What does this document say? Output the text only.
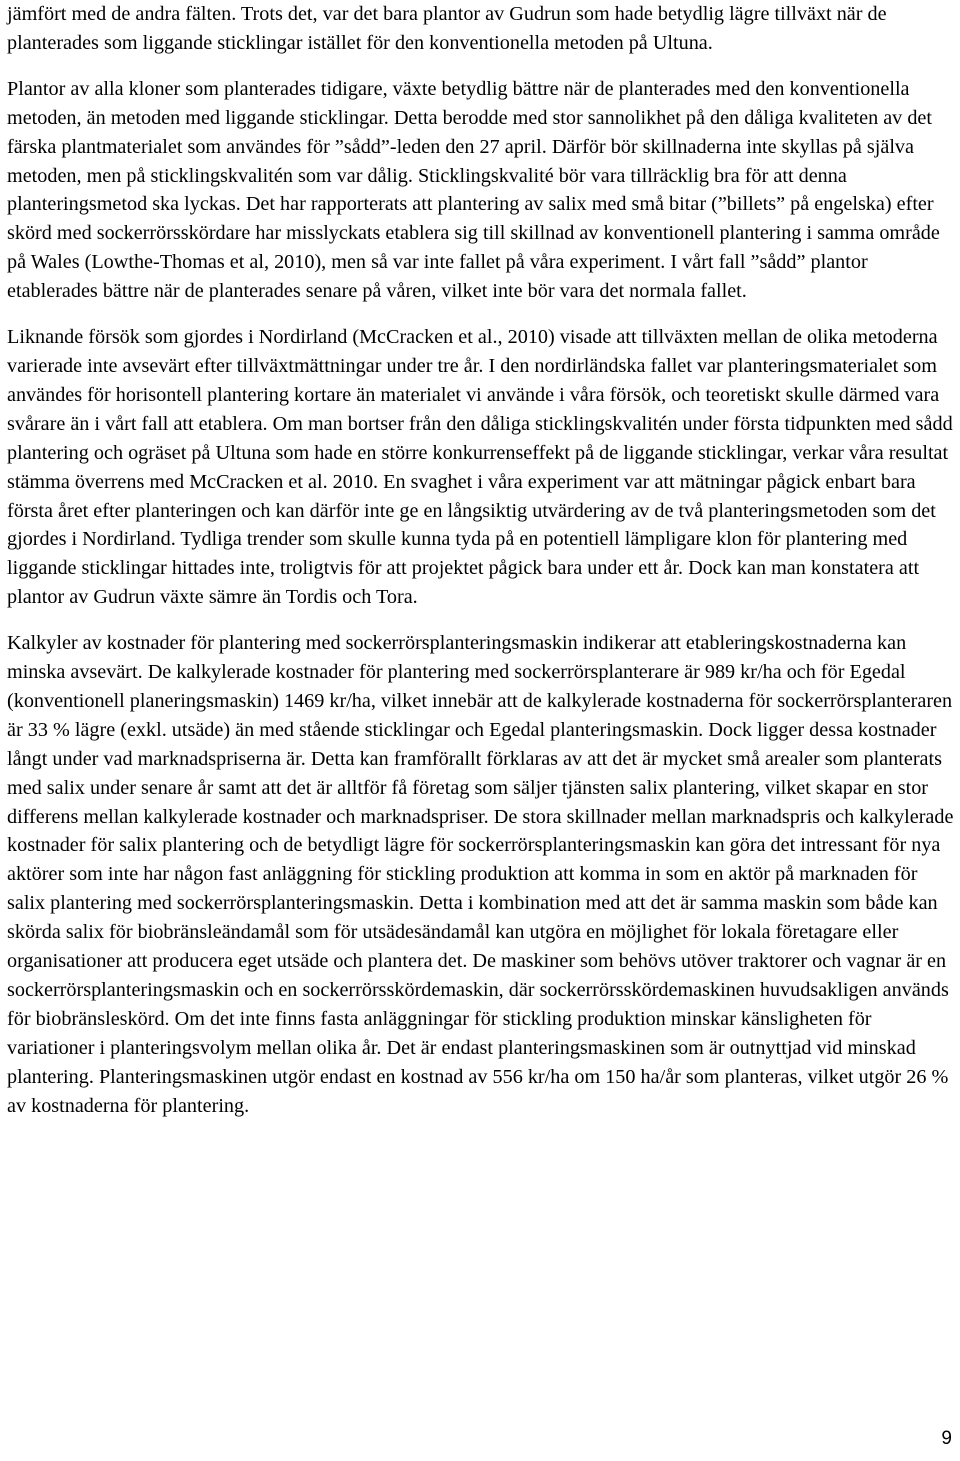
jämfört med de andra fälten. Trots det, var det bara plantor av Gudrun som hade betydlig lägre tillväxt när de planterades som liggande sticklingar istället för den konventionella metoden på Ultuna.

Plantor av alla kloner som planterades tidigare, växte betydlig bättre när de planterades med den konventionella metoden, än metoden med liggande sticklingar. Detta berodde med stor sannolikhet på den dåliga kvaliteten av det färska plantmaterialet som användes för ”sådd”-leden den 27 april. Därför bör skillnaderna inte skyllas på själva metoden, men på sticklingskvalitén som var dålig. Sticklingskvalité bör vara tillräcklig bra för att denna planteringsmetod ska lyckas. Det har rapporterats att plantering av salix med små bitar (”billets” på engelska) efter skörd med sockerrörsskördare har misslyckats etablera sig till skillnad av konventionell plantering i samma område på Wales (Lowthe-Thomas et al, 2010), men så var inte fallet på våra experiment. I vårt fall ”sådd” plantor etablerades bättre när de planterades senare på våren, vilket inte bör vara det normala fallet.

Liknande försök som gjordes i Nordirland (McCracken et al., 2010) visade att tillväxten mellan de olika metoderna varierade inte avsevärt efter tillväxtmättningar under tre år. I den nordirländska fallet var planteringsmaterialet som användes för horisontell plantering kortare än materialet vi använde i våra försök, och teoretiskt skulle därmed vara svårare än i vårt fall att etablera. Om man bortser från den dåliga sticklingskvalitén under första tidpunkten med sådd plantering och ogräset på Ultuna som hade en större konkurrenseffekt på de liggande sticklingar, verkar våra resultat stämma överrens med McCracken et al. 2010. En svaghet i våra experiment var att mätningar pågick enbart bara första året efter planteringen och kan därför inte ge en långsiktig utvärdering av de två planteringsmetoden som det gjordes i Nordirland. Tydliga trender som skulle kunna tyda på en potentiell lämpligare klon för plantering med liggande sticklingar hittades inte, troligtvis för att projektet pågick bara under ett år. Dock kan man konstatera att plantor av Gudrun växte sämre än Tordis och Tora.

Kalkyler av kostnader för plantering med sockerrörsplanteringsmaskin indikerar att etableringskostnaderna kan minska avsevärt. De kalkylerade kostnader för plantering med sockerrörsplanterare är 989 kr/ha och för Egedal (konventionell planeringsmaskin) 1469 kr/ha, vilket innebär att de kalkylerade kostnaderna för sockerrörsplanteraren är 33 % lägre (exkl. utsäde) än med stående sticklingar och Egedal planteringsmaskin. Dock ligger dessa kostnader långt under vad marknadspriserna är. Detta kan framförallt förklaras av att det är mycket små arealer som planterats med salix under senare år samt att det är alltför få företag som säljer tjänsten salix plantering, vilket skapar en stor differens mellan kalkylerade kostnader och marknadspriser. De stora skillnader mellan marknadspris och kalkylerade kostnader för salix plantering och de betydligt lägre för sockerrörsplanteringsmaskin kan göra det intressant för nya aktörer som inte har någon fast anläggning för stickling produktion att komma in som en aktör på marknaden för salix plantering med sockerrörsplanteringsmaskin. Detta i kombination med att det är samma maskin som både kan skörda salix för biobränsleändamål som för utsädesändamål kan utgöra en möjlighet för lokala företagare eller organisationer att producera eget utsäde och plantera det. De maskiner som behövs utöver traktorer och vagnar är en sockerrörsplanteringsmaskin och en sockerrörsskördemaskin, där sockerrörsskördemaskinen huvudsakligen används för biobränsleskörd. Om det inte finns fasta anläggningar för stickling produktion minskar känsligheten för variationer i planteringsvolym mellan olika år. Det är endast planteringsmaskinen som är outnyttjad vid minskad plantering. Planteringsmaskinen utgör endast en kostnad av 556 kr/ha om 150 ha/år som planteras, vilket utgör 26 % av kostnaderna för plantering.

9
